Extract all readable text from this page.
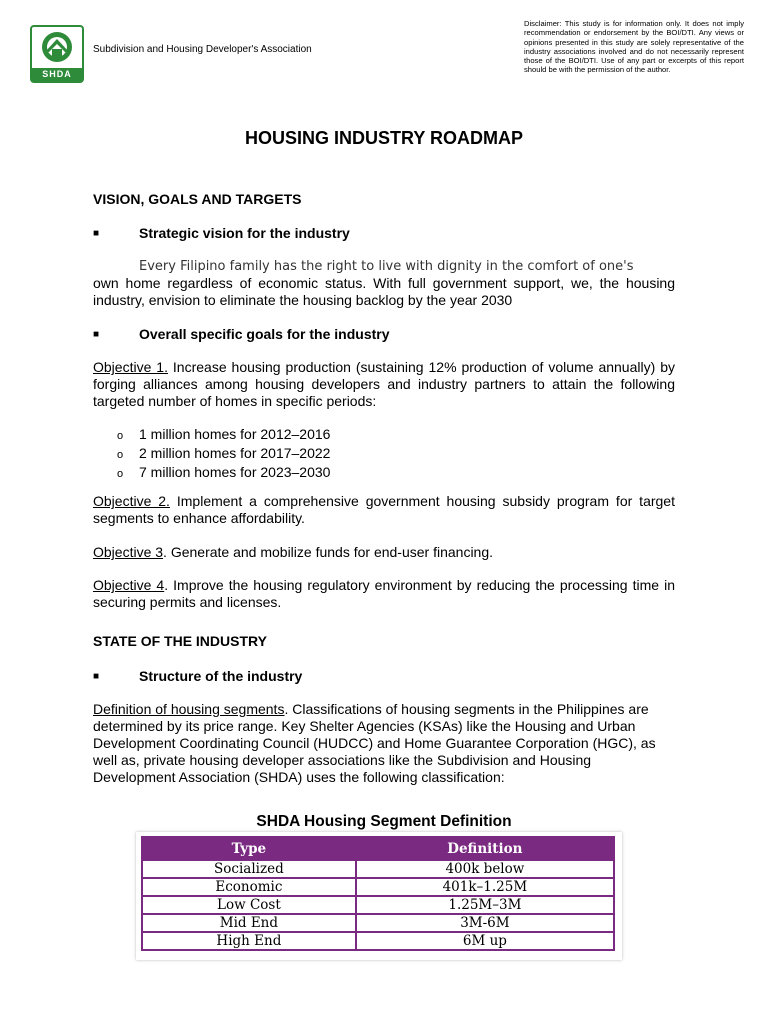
SHDA
Subdivision and Housing Developer's Association
Disclaimer: This study is for information only. It does not imply recommendation or endorsement by the BOI/DTI. Any views or opinions presented in this study are solely representative of the industry associations involved and do not necessarily represent those of the BOI/DTI. Use of any part or excerpts of this report should be with the permission of the author.
HOUSING INDUSTRY ROADMAP
VISION, GOALS AND TARGETS
■	Strategic vision for the industry
Every Filipino family has the right to live with dignity in the comfort of one's
own home regardless of economic status. With full government support, we, the housing industry, envision to eliminate the housing backlog by the year 2030
■	Overall specific goals for the industry
Objective 1. Increase housing production (sustaining 12% production of volume annually) by forging alliances among housing developers and industry partners to attain the following targeted number of homes in specific periods:
o 1 million homes for 2012–2016
o 2 million homes for 2017–2022
o 7 million homes for 2023–2030
Objective 2. Implement a comprehensive government housing subsidy program for target segments to enhance affordability.
Objective 3. Generate and mobilize funds for end-user financing.
Objective 4. Improve the housing regulatory environment by reducing the processing time in securing permits and licenses.
STATE OF THE INDUSTRY
■	Structure of the industry
Definition of housing segments. Classifications of housing segments in the Philippines are determined by its price range. Key Shelter Agencies (KSAs) like the Housing and Urban Development Coordinating Council (HUDCC) and Home Guarantee Corporation (HGC), as well as, private housing developer associations like the Subdivision and Housing Development Association (SHDA) uses the following classification:
SHDA Housing Segment Definition
Type	Definition
Socialized	400k below
Economic	401k–1.25M
Low Cost	1.25M–3M
Mid End	3M-6M
High End	6M up
